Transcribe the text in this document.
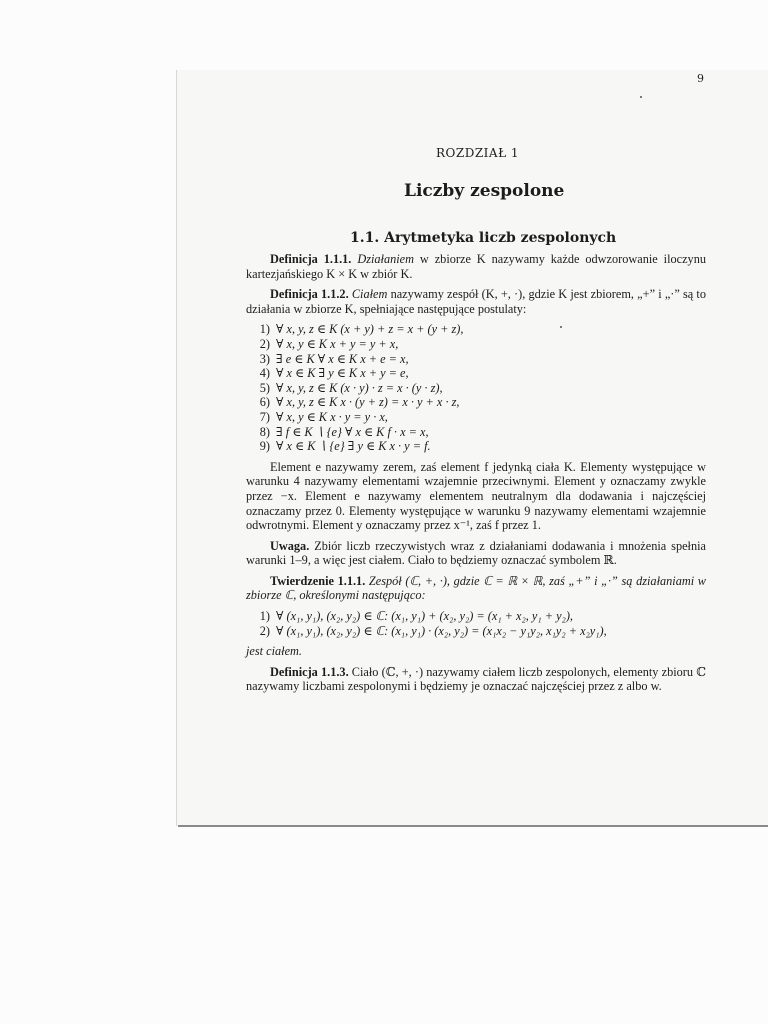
9
ROZDZIAŁ 1
Liczby zespolone
1.1. Arytmetyka liczb zespolonych

Definicja 1.1.1. Działaniem w zbiorze K nazywamy każde odwzorowanie iloczynu kartezjańskiego K × K w zbiór K.

Definicja 1.1.2. Ciałem nazywamy zespół (K, +, ·), gdzie K jest zbiorem, „+” i „·” są to działania w zbiorze K, spełniające następujące postulaty:

1) ∀ x, y, z ∈ K (x + y) + z = x + (y + z),
2) ∀ x, y ∈ K x + y = y + x,
3) ∃ e ∈ K ∀ x ∈ K x + e = x,
4) ∀ x ∈ K ∃ y ∈ K x + y = e,
5) ∀ x, y, z ∈ K (x · y) · z = x · (y · z),
6) ∀ x, y, z ∈ K x · (y + z) = x · y + x · z,
7) ∀ x, y ∈ K x · y = y · x,
8) ∃ f ∈ K ∖ {e} ∀ x ∈ K f · x = x,
9) ∀ x ∈ K ∖ {e} ∃ y ∈ K x · y = f.

Element e nazywamy zerem, zaś element f jedynką ciała K. Elementy występujące w warunku 4 nazywamy elementami wzajemnie przeciwnymi. Element y oznaczamy zwykle przez −x. Element e nazywamy elementem neutralnym dla dodawania i najczęściej oznaczamy przez 0. Elementy występujące w warunku 9 nazywamy elementami wzajemnie odwrotnymi. Element y oznaczamy przez x⁻¹, zaś f przez 1.

Uwaga. Zbiór liczb rzeczywistych wraz z działaniami dodawania i mnożenia spełnia warunki 1–9, a więc jest ciałem. Ciało to będziemy oznaczać symbolem ℝ.

Twierdzenie 1.1.1. Zespół (ℂ, +, ·), gdzie ℂ = ℝ × ℝ, zaś „+” i „·” są działaniami w zbiorze ℂ, określonymi następująco:

1) ∀ (x₁, y₁), (x₂, y₂) ∈ ℂ: (x₁, y₁) + (x₂, y₂) = (x₁ + x₂, y₁ + y₂),
2) ∀ (x₁, y₁), (x₂, y₂) ∈ ℂ: (x₁, y₁) · (x₂, y₂) = (x₁x₂ − y₁y₂, x₁y₂ + x₂y₁),

jest ciałem.

Definicja 1.1.3. Ciało (ℂ, +, ·) nazywamy ciałem liczb zespolonych, elementy zbioru ℂ nazywamy liczbami zespolonymi i będziemy je oznaczać najczęściej przez z albo w.
